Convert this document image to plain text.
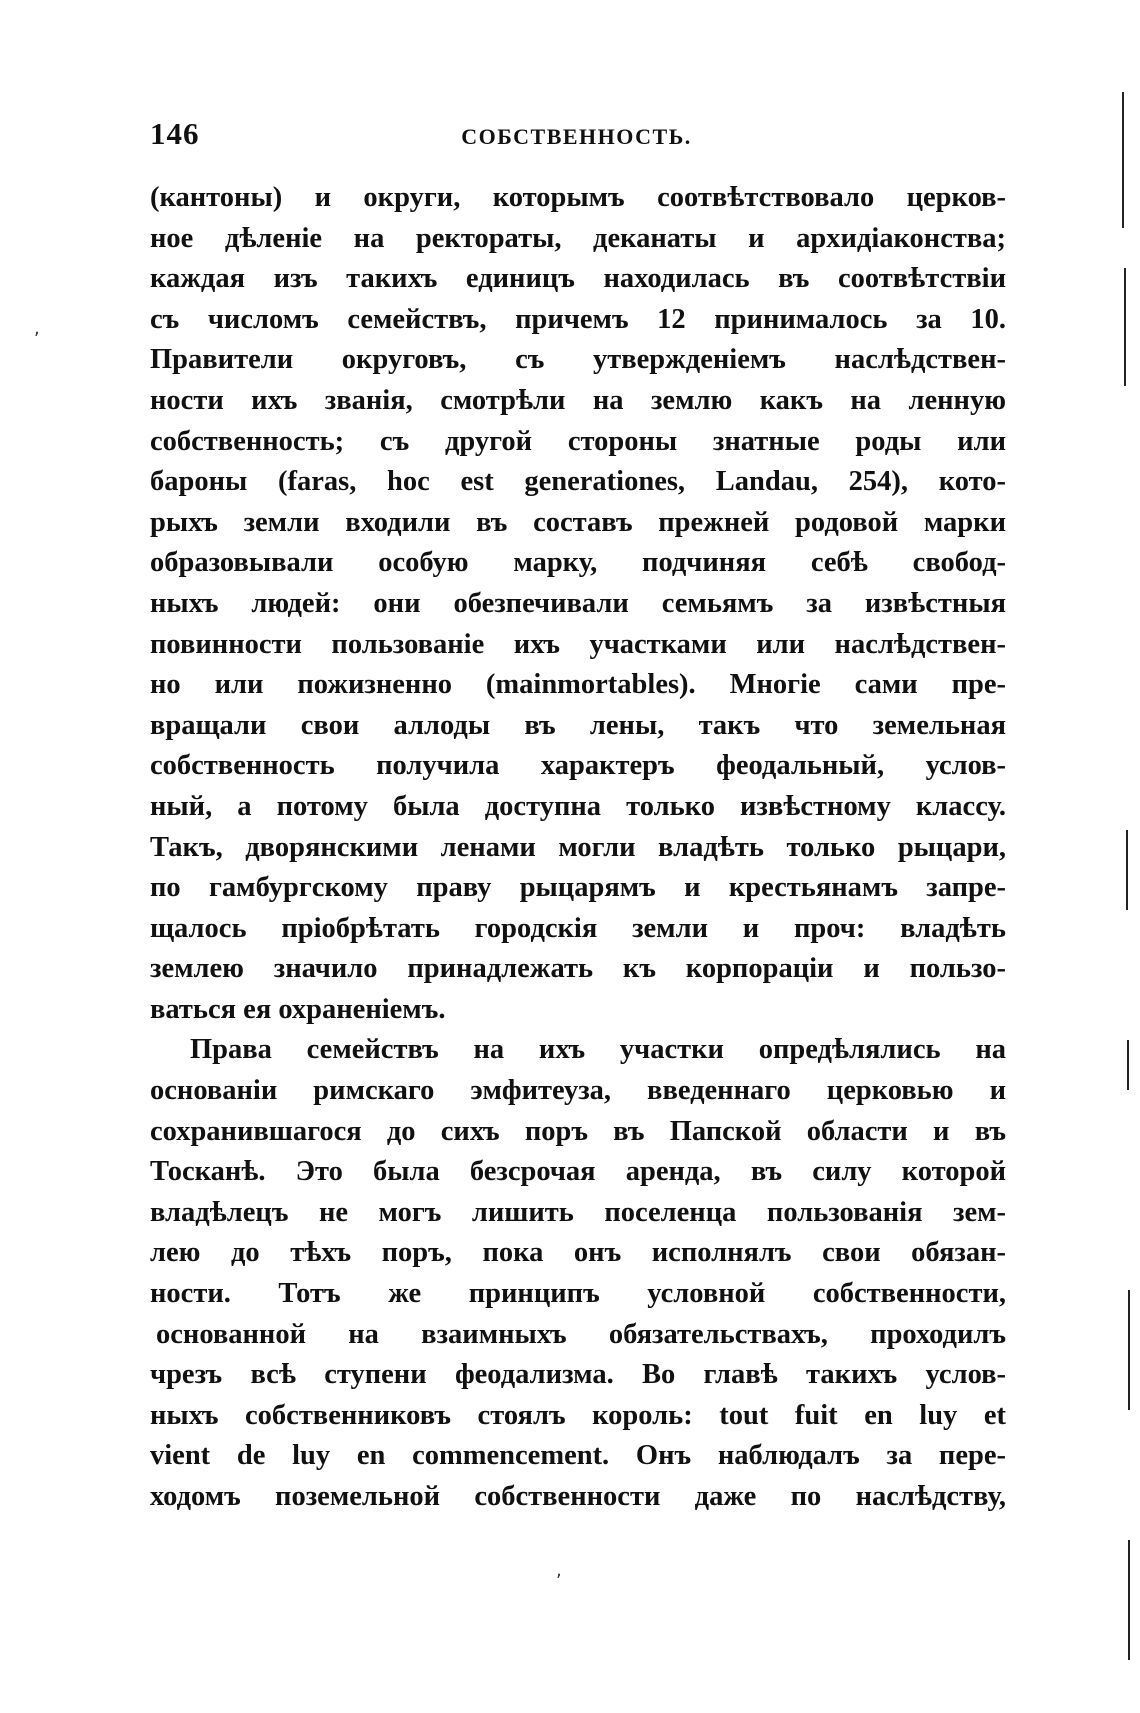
146	СОБСТВЕННОСТЬ.

(кантоны) и округи, которымъ соотвѣтствовало церков-
ное дѣленіе на ректораты, деканаты и архидіаконства;
каждая изъ такихъ единицъ находилась въ соотвѣтствіи
съ числомъ семействъ, причемъ 12 принималось за 10.
Правители округовъ, съ утвержденіемъ наслѣдствен-
ности ихъ званія, смотрѣли на землю какъ на ленную
собственность; съ другой стороны знатные роды или
бароны (faras, hoc est generationes, Landau, 254), кото-
рыхъ земли входили въ составъ прежней родовой марки
образовывали особую марку, подчиняя себѣ свобод-
ныхъ людей: они обезпечивали семьямъ за извѣстныя
повинности пользованіе ихъ участками или наслѣдствен-
но или пожизненно (mainmortables). Многіе сами пре-
вращали свои аллоды въ лены, такъ что земельная
собственность получила характеръ феодальный, услов-
ный, а потому была доступна только извѣстному классу.
Такъ, дворянскими ленами могли владѣть только рыцари,
по гамбургскому праву рыцарямъ и крестьянамъ запре-
щалось пріобрѣтать городскія земли и проч: владѣть
землею значило принадлежать къ корпораціи и пользо-
ваться ея охраненіемъ.

Права семействъ на ихъ участки опредѣлялись на
основаніи римскаго эмфитеуза, введеннаго церковью и
сохранившагося до сихъ поръ въ Папской области и въ
Тосканѣ. Это была безсрочая аренда, въ силу которой
владѣлецъ не могъ лишить поселенца пользованія зем-
лею до тѣхъ поръ, пока онъ исполнялъ свои обязан-
ности. Тотъ же принципъ условной собственности,
основанной на взаимныхъ обязательствахъ, проходилъ
чрезъ всѣ ступени феодализма. Во главѣ такихъ услов-
ныхъ собственниковъ стоялъ король: tout fuit en luy et
vient de luy en commencement. Онъ наблюдалъ за пере-
ходомъ поземельной собственности даже по наслѣдству,

,
,
